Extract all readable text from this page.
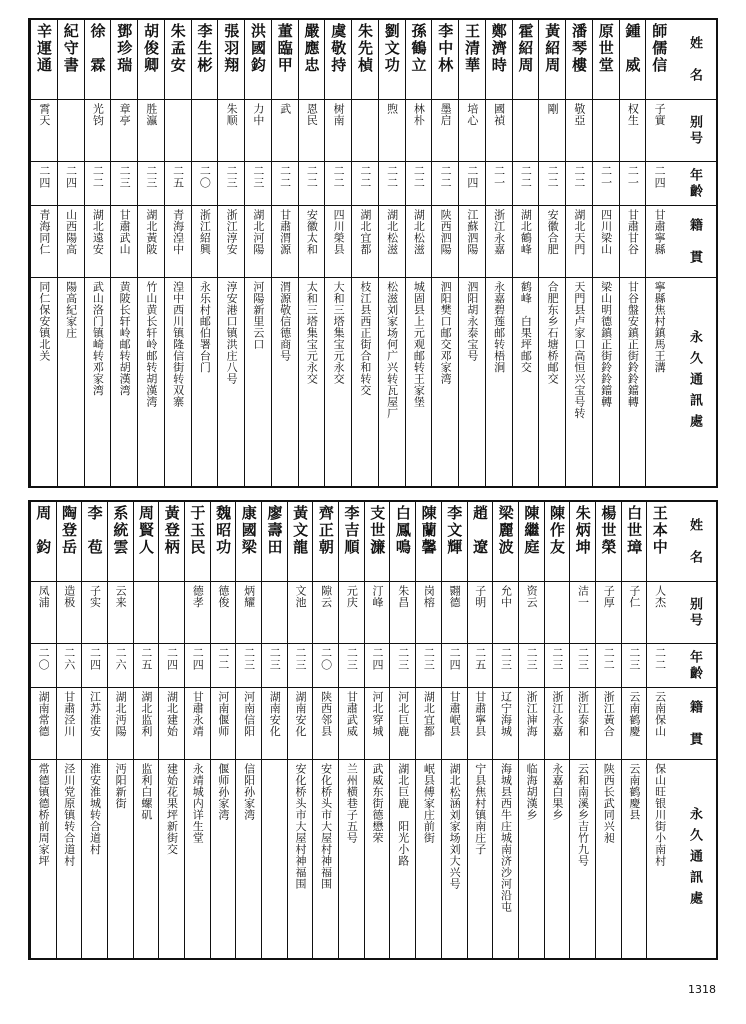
姓　名
别号
年齡
籍　貫
永久通訊處
師儒信
子實
二四
甘肅寧縣
寧縣焦村鎮馬王溝
鍾　威
权生
二一
甘肅甘谷
甘谷盤安鎮正街鈴鈴鐺轉
原世堂
二一
四川梁山
梁山明德鎮正街鈴鈴鐺轉
潘琴樓
敬亞
二二
湖北天門
天門县卢家口高恒兴宝号转
黃紹周
剛
二二
安徽合肥
合肥东乡石塘桥邮交
霍紹周
二二
湖北鶴峰
鹤峰　白果坪邮交
鄭濟時
國禎
二一
浙江永嘉
永嘉碧莲邮转梧涧
王清華
培心
二四
江蘇泗陽
泗阳胡永泰宝号
李中林
墨启
二二
陕西泗陽
泗阳樊口邮交邓家湾
孫鶴立
林朴
二二
湖北松滋
城固县上元观邮转王家堡
劉文功
煦
二二
湖北松滋
松滋刘家场何广兴转瓦屋厂
朱先楨
二二
湖北宜都
枝江县西正街合和转交
虞敬持
树南
二二
四川榮县
大和三塔集宝元永交
嚴應忠
恩民
二二
安徽太和
太和三塔集宝元永交
董臨甲
武
二二
甘肅渭源
渭源敬信德商号
洪國鈞
力中
二三
湖北河陽
河陽新里云口
張羽翔
朱顺
二三
浙江淳安
淳安港口镇洪庄八号
李生彬
二〇
浙江紹興
永乐村邮伯署台门
朱孟安
二五
青海湟中
湟中西川镇隆信街转双寨
胡俊卿
胜瀛
二三
湖北黃陂
竹山黄长轩岭邮转胡漢湾
鄧珍瑞
章亭
二三
甘肅武山
黄陂长轩岭邮转胡漢湾
徐　霖
光钧
二二
湖北遠安
武山洛门镇崎转邓家湾
紀守書
二四
山西陽高
陽高紀家庄
辛運通
霄天
二四
青海同仁
同仁保安镇北关
姓　名
别号
年齡
籍　貫
永久通訊處
王本中
人杰
二二
云南保山
保山旺银川街小南村
白世璋
子仁
二三
云南鹤慶
云南鹤慶县
楊世榮
子厚
二二
浙江黃合
陕西长武同兴昶
朱炳坤
洁一
二三
浙江泰和
云和南溪乡吉竹九号
陳作友
二三
浙江永嘉
永嘉白果乡
陳繼庭
资云
二三
浙江渖海
临海胡漢乡
梁麗波
允中
二三
辽宁海城
海城县西牛庄城南济沙河沿屯
趙　遼
子明
二五
甘肅寧县
宁县焦村镇南庄子
李文輝
翾德
二四
甘肅岷县
湖北松涵刘家场刘大兴号
陳蘭馨
岗榕
二三
湖北宜都
岷县傅家庄前街
白鳳鳴
朱昌
二三
河北巨鹿
湖北巨鹿　阳光小路
支世濂
汀峰
二四
河北穿城
武威东街德懋荣
李吉順
元庆
二三
甘肅武威
兰州横巷子五号
齊正朝
隙云
二〇
陕西邻县
安化桥头市大屋村神福围
黃文龍
文池
二三
湖南安化
安化桥头市大屋村神福围
廖壽田
二三
湖南安化
康國梁
炳耀
二三
河南信阳
信阳孙家湾
魏昭功
德俊
二二
河南偃师
偃师孙家湾
于玉民
德孝
二四
甘肅永靖
永靖城内详生堂
黃登柄
二四
湖北建始
建始花果坪新街交
周賢人
二五
湖北监利
监利白螺矶
系統雲
云来
二六
湖北沔陽
沔阳新街
李　苞
子实
二四
江苏淮安
淮安淮城转合道村
陶登岳
造极
二六
甘肅泾川
泾川党原镇转合道村
周　鈞
凤浦
二〇
湖南常德
常德镇德桥前周家坪
1318
